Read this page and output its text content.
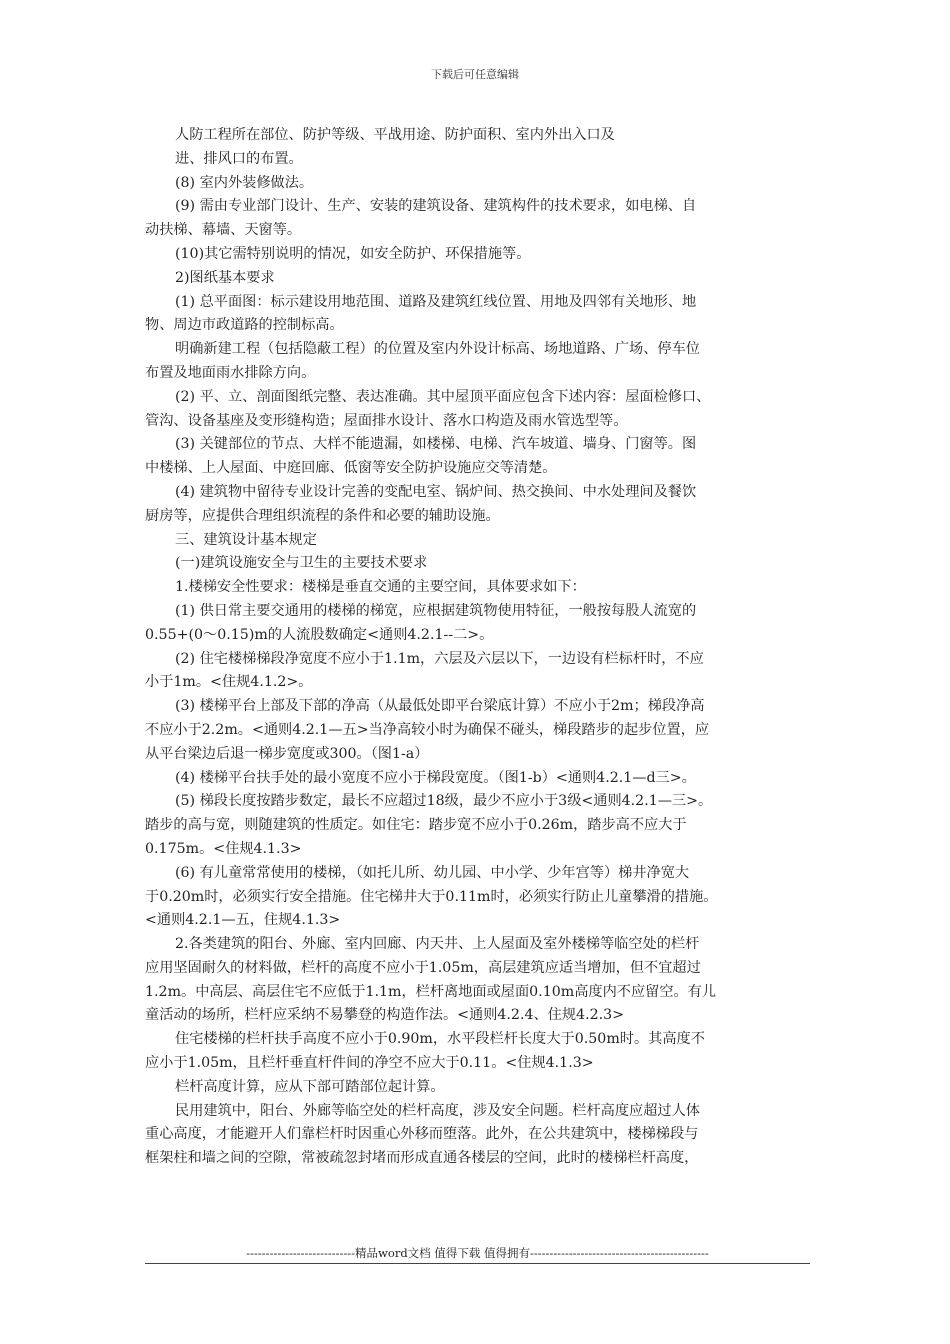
下载后可任意编辑

人防工程所在部位、防护等级、平战用途、防护面积、室内外出入口及

进、排风口的布置。

(8) 室内外装修做法。

(9) 需由专业部门设计、生产、安装的建筑设备、建筑构件的技术要求，如电梯、自

动扶梯、幕墙、天窗等。

(10)其它需特别说明的情况，如安全防护、环保措施等。

2)图纸基本要求

(1) 总平面图：标示建设用地范围、道路及建筑红线位置、用地及四邻有关地形、地

物、周边市政道路的控制标高。

明确新建工程（包括隐蔽工程）的位置及室内外设计标高、场地道路、广场、停车位

布置及地面雨水排除方向。

(2) 平、立、剖面图纸完整、表达准确。其中屋顶平面应包含下述内容：屋面检修口、

管沟、设备基座及变形缝构造；屋面排水设计、落水口构造及雨水管选型等。

(3) 关键部位的节点、大样不能遗漏，如楼梯、电梯、汽车坡道、墙身、门窗等。图

中楼梯、上人屋面、中庭回廊、低窗等安全防护设施应交等清楚。

(4) 建筑物中留待专业设计完善的变配电室、锅炉间、热交换间、中水处理间及餐饮

厨房等，应提供合理组织流程的条件和必要的辅助设施。

三、建筑设计基本规定

(一)建筑设施安全与卫生的主要技术要求

1.楼梯安全性要求：楼梯是垂直交通的主要空间，具体要求如下：

(1) 供日常主要交通用的楼梯的梯宽，应根据建筑物使用特征，一般按每股人流宽的

0.55+(0～0.15)m的人流股数确定<通则4.2.1--二>。

(2) 住宅楼梯梯段净宽度不应小于1.1m，六层及六层以下，一边设有栏标杆时，不应

小于1m。<住规4.1.2>。

(3) 楼梯平台上部及下部的净高（从最低处即平台梁底计算）不应小于2m；梯段净高

不应小于2.2m。<通则4.2.1—五>当净高较小时为确保不碰头，梯段踏步的起步位置，应

从平台梁边后退一梯步宽度或300。（图1-a）

(4) 楼梯平台扶手处的最小宽度不应小于梯段宽度。（图1-b）<通则4.2.1—d三>。

(5) 梯段长度按踏步数定，最长不应超过18级，最少不应小于3级<通则4.2.1—三>。

踏步的高与宽，则随建筑的性质定。如住宅：踏步宽不应小于0.26m，踏步高不应大于

0.175m。<住规4.1.3>

(6) 有儿童常常使用的楼梯，（如托儿所、幼儿园、中小学、少年宫等）梯井净宽大

于0.20m时，必须实行安全措施。住宅梯井大于0.11m时，必须实行防止儿童攀滑的措施。

<通则4.2.1—五，住规4.1.3>

2.各类建筑的阳台、外廊、室内回廊、内天井、上人屋面及室外楼梯等临空处的栏杆

应用坚固耐久的材料做，栏杆的高度不应小于1.05m，高层建筑应适当增加，但不宜超过

1.2m。中高层、高层住宅不应低于1.1m，栏杆离地面或屋面0.10m高度内不应留空。有儿

童活动的场所，栏杆应采纳不易攀登的构造作法。<通则4.2.4、住规4.2.3>

住宅楼梯的栏杆扶手高度不应小于0.90m，水平段栏杆长度大于0.50m时。其高度不

应小于1.05m，且栏杆垂直杆件间的净空不应大于0.11。<住规4.1.3>

栏杆高度计算，应从下部可踏部位起计算。

民用建筑中，阳台、外廊等临空处的栏杆高度，涉及安全问题。栏杆高度应超过人体

重心高度，才能避开人们靠栏杆时因重心外移而堕落。此外，在公共建筑中，楼梯梯段与

框架柱和墙之间的空隙，常被疏忽封堵而形成直通各楼层的空间，此时的楼梯栏杆高度，

----------------------------精品word文档 值得下载 值得拥有----------------------------------------------
